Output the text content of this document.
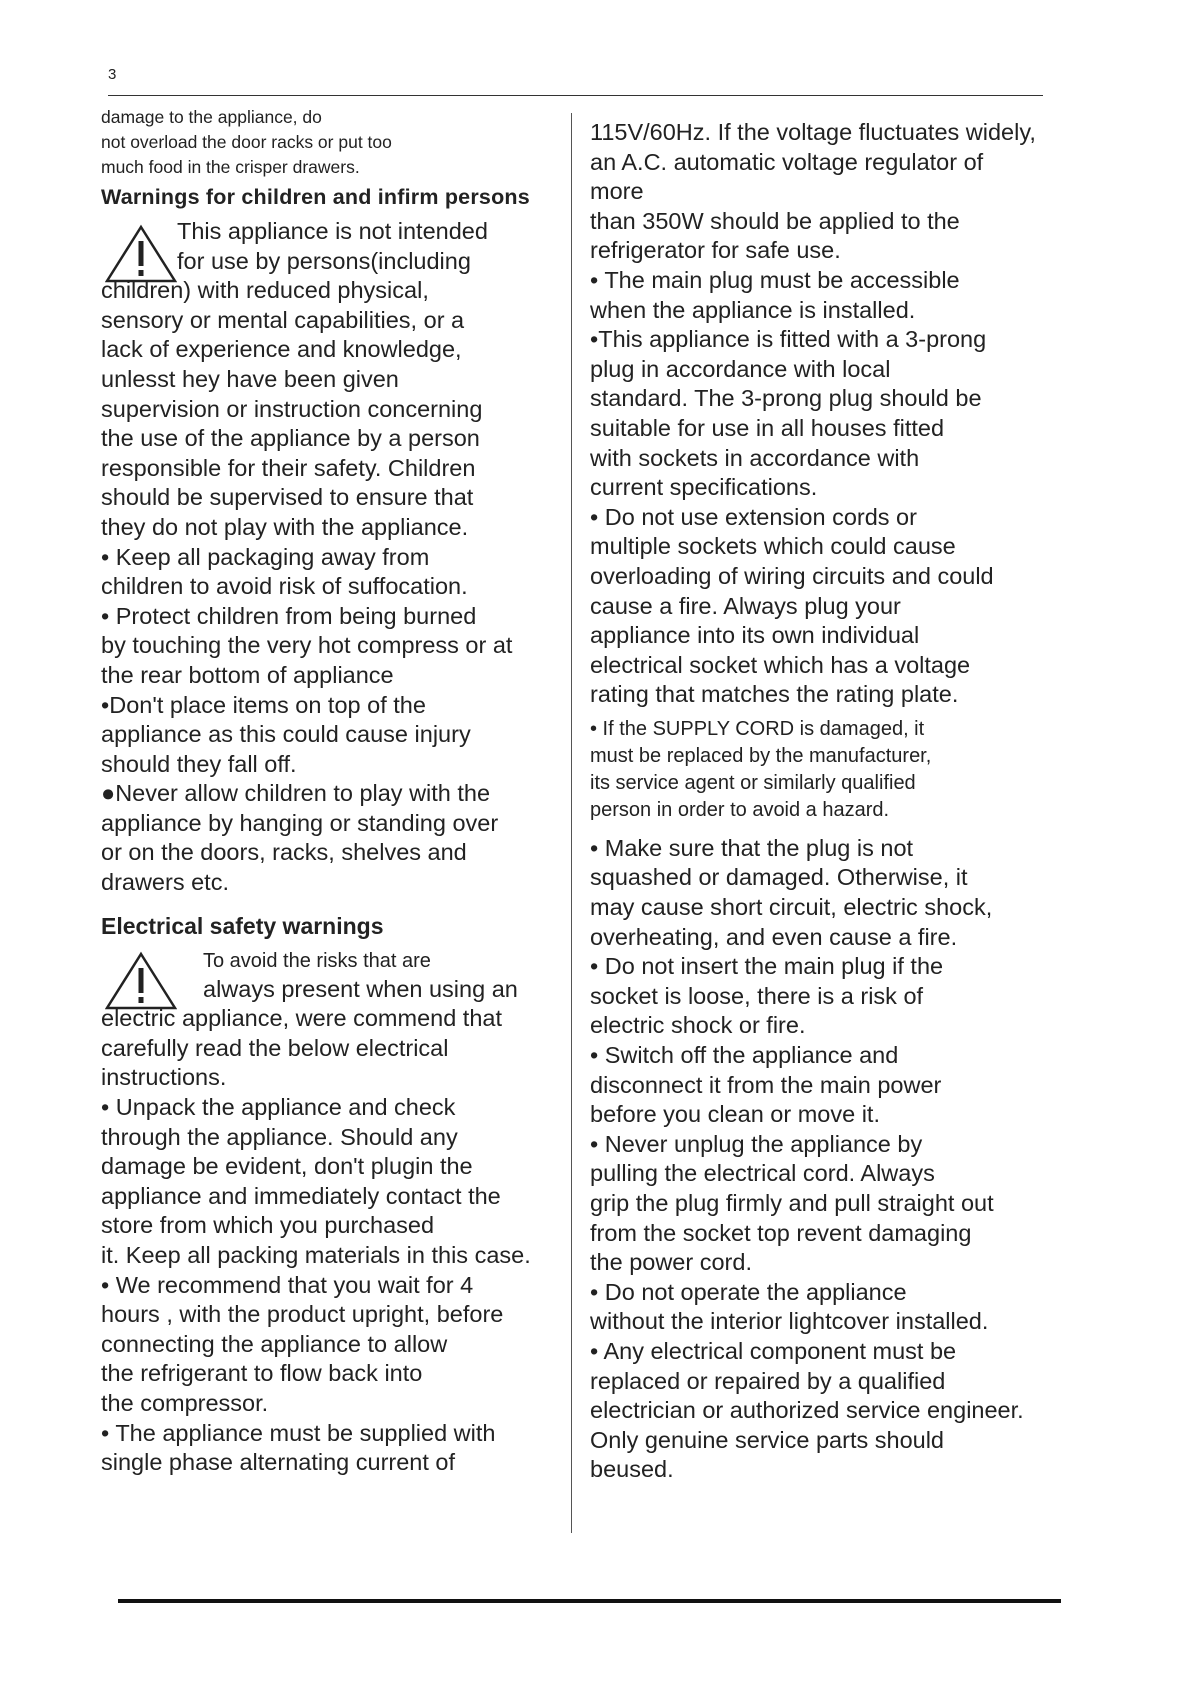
3
damage to the appliance, do
not overload the door racks or put too
much food in the crisper drawers.
Warnings for children and infirm persons
This appliance is not intended
for use by persons(including
children) with reduced physical,
sensory or mental capabilities, or a
lack of experience and knowledge,
unlesst hey have been given
supervision or instruction concerning
the use of the appliance by a person
responsible for their safety. Children
should be supervised to ensure that
they do not play with the appliance.
• Keep all packaging away from
children to avoid risk of suffocation.
• Protect children from being burned
by touching the very hot compress or at
the rear bottom of appliance
•Don't place items on top of the
appliance as this could cause injury
should they fall off.
●Never allow children to play with the
appliance by hanging or standing over
or on the doors, racks, shelves and
drawers etc.
Electrical safety warnings
To avoid the risks that are
always present when using an
electric appliance, were commend that
carefully read the below electrical
instructions.
• Unpack the appliance and check
through the appliance. Should any
damage be evident, don't plugin the
appliance and immediately contact the
store from which you purchased
it. Keep all packing materials in this case.
• We recommend that you wait for 4
hours , with the product upright, before
connecting the appliance to allow
the refrigerant to flow back into
the compressor.
• The appliance must be supplied with
single phase alternating current of
115V/60Hz. If the voltage fluctuates widely,
an A.C. automatic voltage regulator of
more
than 350W should be applied to the
refrigerator for safe use.
• The main plug must be accessible
when the appliance is installed.
•This appliance is fitted with a 3-prong
plug in accordance with local
standard. The 3-prong plug should be
suitable for use in all houses fitted
with sockets in accordance with
current specifications.
• Do not use extension cords or
multiple sockets which could cause
overloading of wiring circuits and could
cause a fire. Always plug your
appliance into its own individual
electrical socket which has a voltage
rating that matches the rating plate.
• If the SUPPLY CORD is damaged, it
must be replaced by the manufacturer,
its service agent or similarly qualified
person in order to avoid a hazard.
• Make sure that the plug is not
squashed or damaged. Otherwise, it
may cause short circuit, electric shock,
overheating, and even cause a fire.
• Do not insert the main plug if the
socket is loose, there is a risk of
electric shock or fire.
• Switch off the appliance and
disconnect it from the main power
before you clean or move it.
• Never unplug the appliance by
pulling the electrical cord. Always
grip the plug firmly and pull straight out
from the socket top revent damaging
the power cord.
• Do not operate the appliance
without the interior lightcover installed.
• Any electrical component must be
replaced or repaired by a qualified
electrician or authorized service engineer.
Only genuine service parts should
beused.
